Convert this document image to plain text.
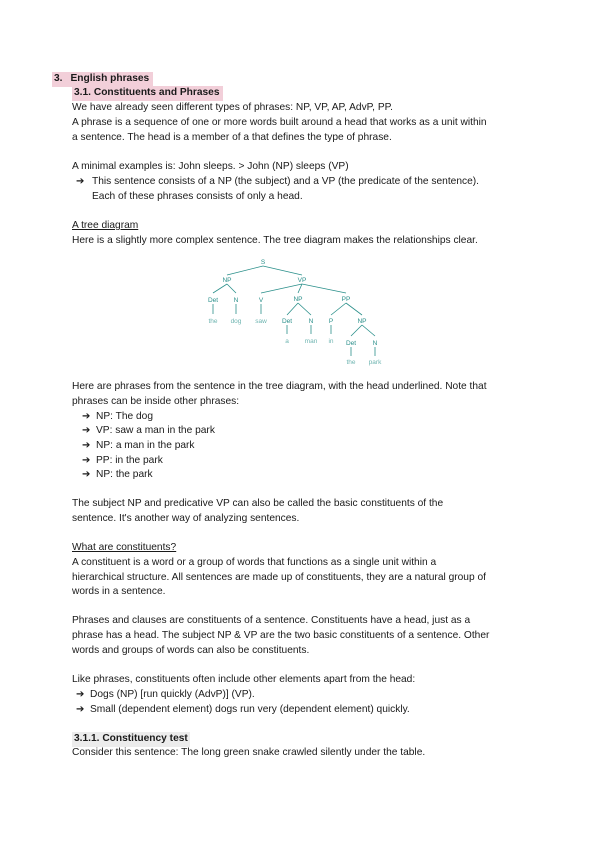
3. English phrases
3.1. Constituents and Phrases
We have already seen different types of phrases: NP, VP, AP, AdvP, PP.
A phrase is a sequence of one or more words built around a head that works as a unit within
a sentence. The head is a member of a that defines the type of phrase.
A minimal examples is: John sleeps. > John (NP) sleeps (VP)
➔ This sentence consists of a NP (the subject) and a VP (the predicate of the sentence).
Each of these phrases consists of only a head.
A tree diagram
Here is a slightly more complex sentence. The tree diagram makes the relationships clear.
S
NP	VP
Det N	V	NP	PP
Det	N P	NP
Det	N
the dog saw
a man in
the park
Here are phrases from the sentence in the tree diagram, with the head underlined. Note that
phrases can be inside other phrases:
➔ NP: The dog
➔ VP: saw a man in the park
➔ NP: a man in the park
➔ PP: in the park
➔ NP: the park
The subject NP and predicative VP can also be called the basic constituents of the
sentence. It's another way of analyzing sentences.
What are constituents?
A constituent is a word or a group of words that functions as a single unit within a
hierarchical structure. All sentences are made up of constituents, they are a natural group of
words in a sentence.
Phrases and clauses are constituents of a sentence. Constituents have a head, just as a
phrase has a head. The subject NP & VP are the two basic constituents of a sentence. Other
words and groups of words can also be constituents.
Like phrases, constituents often include other elements apart from the head:
➔ Dogs (NP) [run quickly (AdvP)] (VP).
➔ Small (dependent element) dogs run very (dependent element) quickly.
3.1.1. Constituency test
Consider this sentence: The long green snake crawled silently under the table.
